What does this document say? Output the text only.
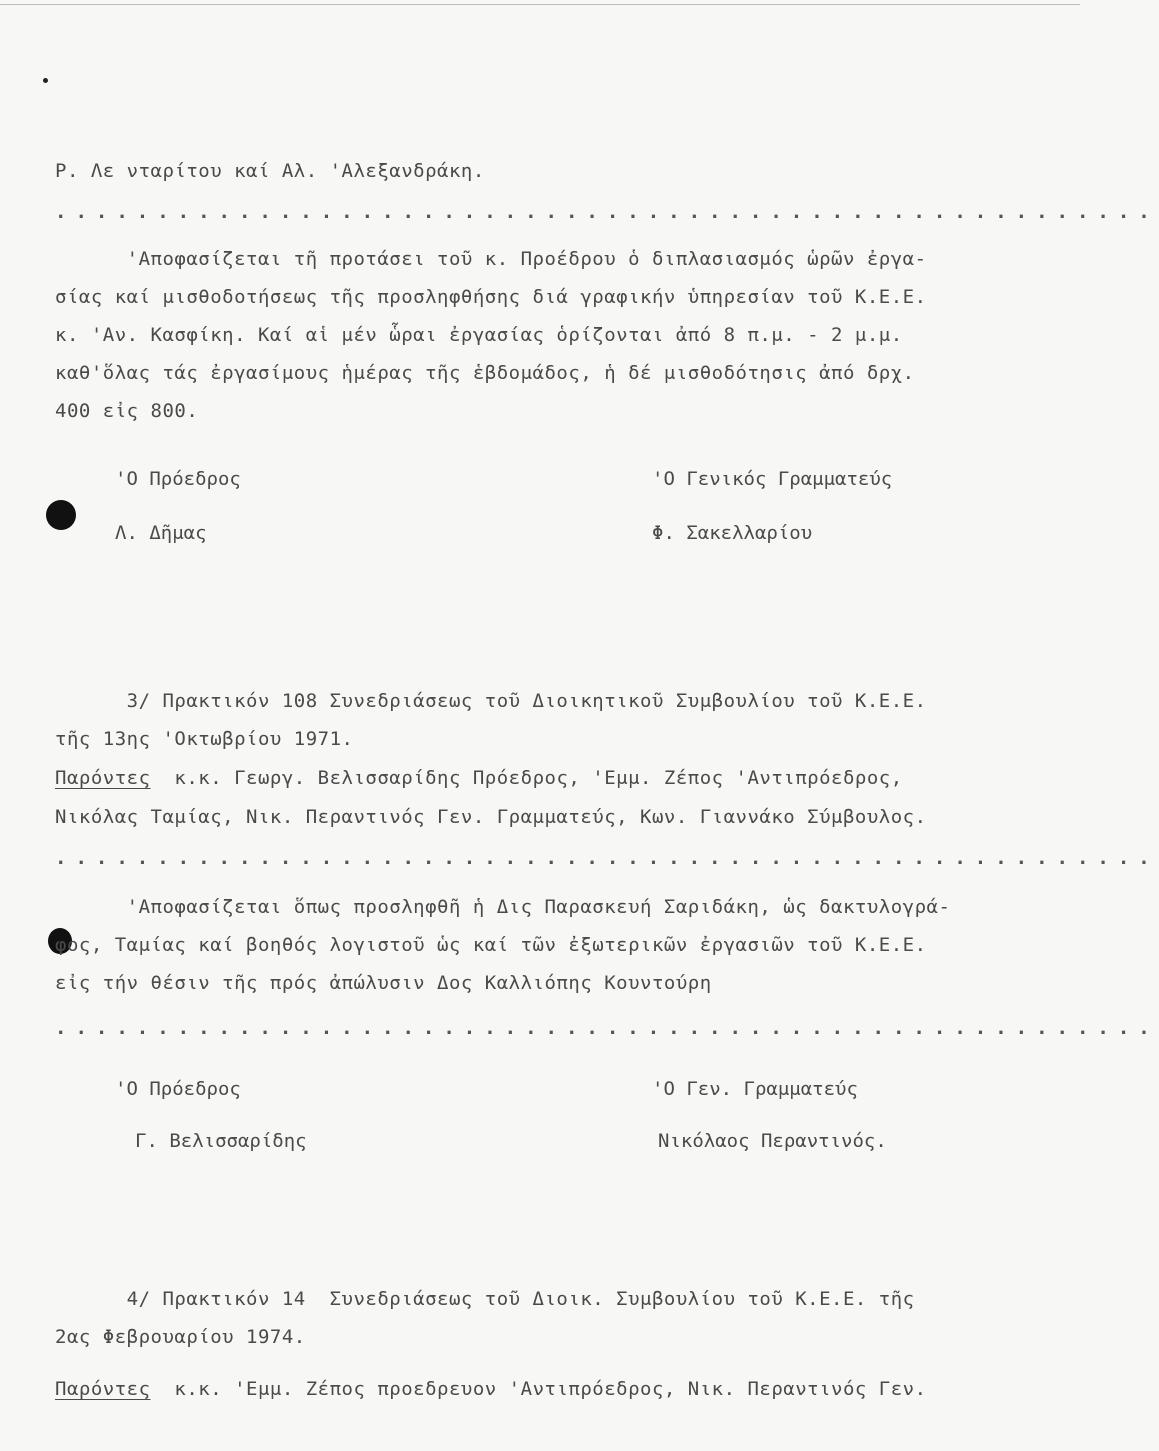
Ρ. Λε νταρίτου καί Αλ. 'Αλεξανδράκη.
......................................................
'Αποφασίζεται τῆ προτάσει τοῦ κ. Προέδρου ὁ διπλασιασμός ὡρῶν ἐργα-
σίας καί μισθοδοτήσεως τῆς προσληφθήσης διά γραφικήν ὑπηρεσίαν τοῦ Κ.Ε.Ε.
κ. 'Αν. Κασφίκη. Καί αἱ μέν ὧραι ἐργασίας ὁρίζονται ἀπό 8 π.μ. - 2 μ.μ.
καθ'ὅλας τάς ἐργασίμους ἡμέρας τῆς ἑβδομάδος, ἡ δέ μισθοδότησις ἀπό δρχ.
400 εἰς 800.
'Ο Πρόεδρος	'Ο Γενικός Γραμματεύς
Λ. Δῆμας	Φ. Σακελλαρίου
3/ Πρακτικόν 108 Συνεδριάσεως τοῦ Διοικητικοῦ Συμβουλίου τοῦ Κ.Ε.Ε.
τῆς 13ης 'Οκτωβρίου 1971.
Παρόντες  κ.κ. Γεωργ. Βελισσαρίδης Πρόεδρος, 'Εμμ. Ζέπος 'Αντιπρόεδρος,
Νικόλας Ταμίας, Νικ. Περαντινός Γεν. Γραμματεύς, Κων. Γιαννάκο Σύμβουλος.
......................................................
'Αποφασίζεται ὅπως προσληφθῆ ἡ Δις Παρασκευή Σαριδάκη, ὡς δακτυλογρά-
φος, Ταμίας καί βοηθός λογιστοῦ ὡς καί τῶν ἐξωτερικῶν ἐργασιῶν τοῦ Κ.Ε.Ε.
εἰς τήν θέσιν τῆς πρός ἀπώλυσιν Δος Καλλιόπης Κουντούρη
......................................................
'Ο Πρόεδρος	'Ο Γεν. Γραμματεύς
Γ. Βελισσαρίδης	Νικόλαος Περαντινός.
4/ Πρακτικόν 14  Συνεδριάσεως τοῦ Διοικ. Συμβουλίου τοῦ Κ.Ε.Ε. τῆς
2ας Φεβρουαρίου 1974.
Παρόντες  κ.κ. 'Εμμ. Ζέπος προεδρευον 'Αντιπρόεδρος, Νικ. Περαντινός Γεν.
